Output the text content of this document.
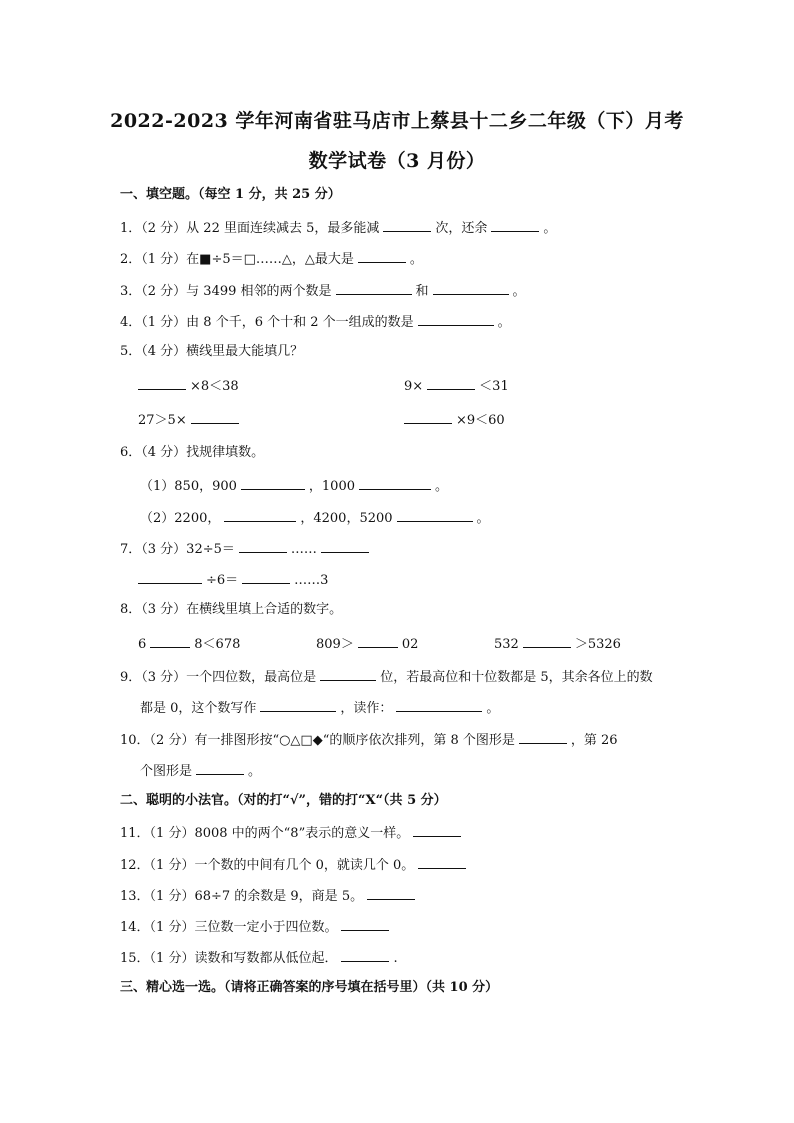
2022-2023 学年河南省驻马店市上蔡县十二乡二年级（下）月考
数学试卷（3 月份）
一、填空题。（每空 1 分，共 25 分）
1．（2 分）从 22 里面连续减去 5，最多能减	次，还余	。
2．（1 分）在■÷5＝□……△，△最大是	。
3．（2 分）与 3499 相邻的两个数是	和	。
4．（1 分）由 8 个千，6 个十和 2 个一组成的数是	。
5．（4 分）横线里最大能填几？
×8＜38	9×	＜31
27＞5×	×9＜60
6．（4 分）找规律填数。
（1）850，900	，1000	。
（2）2200，	，4200，5200	。
7．（3 分）32÷5＝	……
÷6＝	……3
8．（3 分）在横线里填上合适的数字。
6	8＜678	809＞	02	532	＞5326
9．（3 分）一个四位数，最高位是	位，若最高位和十位数都是 5，其余各位上的数
都是 0，这个数写作	，读作：	。
10．（2 分）有一排图形按“○△□◆“的顺序依次排列，第 8 个图形是	，第 26
个图形是	。
二、聪明的小法官。（对的打“√”，错的打“X“（共 5 分）
11．（1 分）8008 中的两个“8”表示的意义一样。
12．（1 分）一个数的中间有几个 0，就读几个 0。
13．（1 分）68÷7 的余数是 9，商是 5。
14．（1 分）三位数一定小于四位数。
15．（1 分）读数和写数都从低位起．	.
三、精心选一选。（请将正确答案的序号填在括号里）（共 10 分）
